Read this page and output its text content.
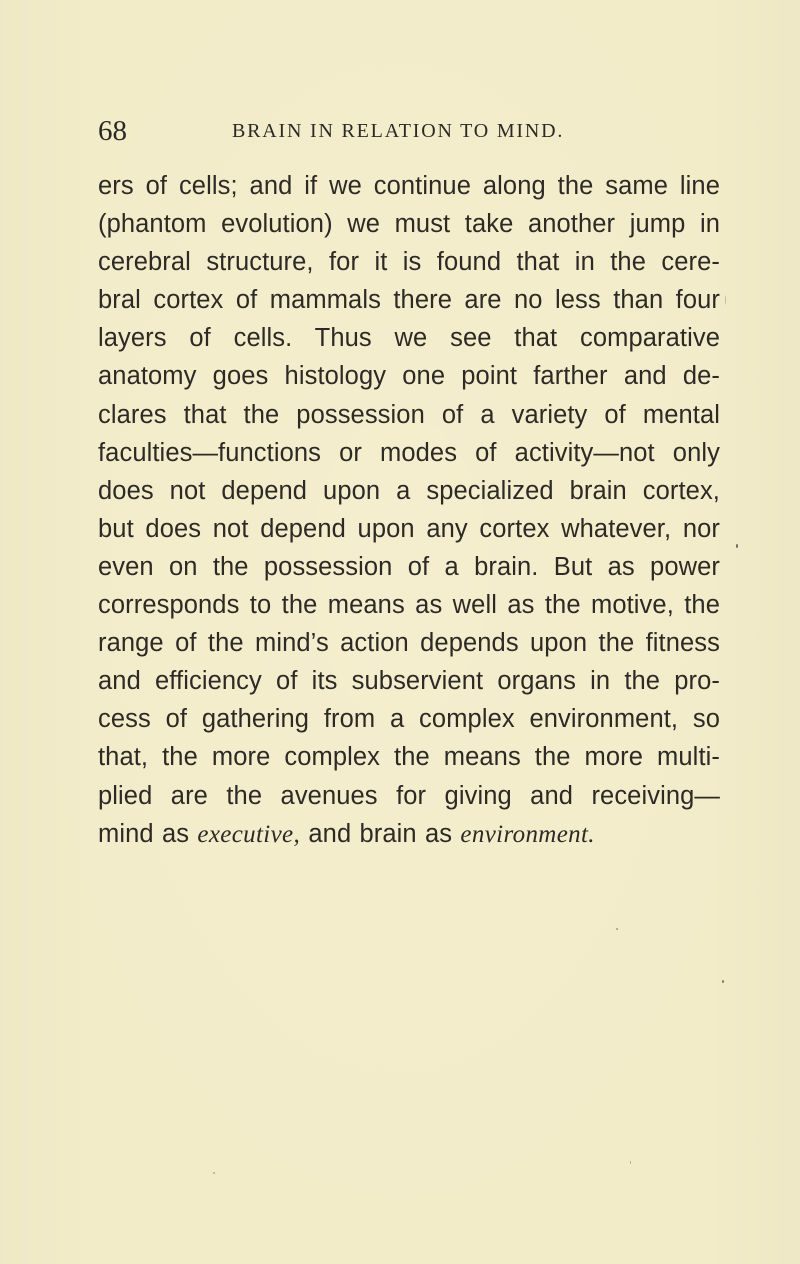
68	BRAIN IN RELATION TO MIND.
ers of cells; and if we continue along the same line
(phantom evolution) we must take another jump in
cerebral structure, for it is found that in the cere-
bral cortex of mammals there are no less than four
layers of cells. Thus we see that comparative
anatomy goes histology one point farther and de-
clares that the possession of a variety of mental
faculties—functions or modes of activity—not only
does not depend upon a specialized brain cortex,
but does not depend upon any cortex whatever, nor
even on the possession of a brain. But as power
corresponds to the means as well as the motive, the
range of the mind’s action depends upon the fitness
and efficiency of its subservient organs in the pro-
cess of gathering from a complex environment, so
that, the more complex the means the more multi-
plied are the avenues for giving and receiving—
mind as executive, and brain as environment.
